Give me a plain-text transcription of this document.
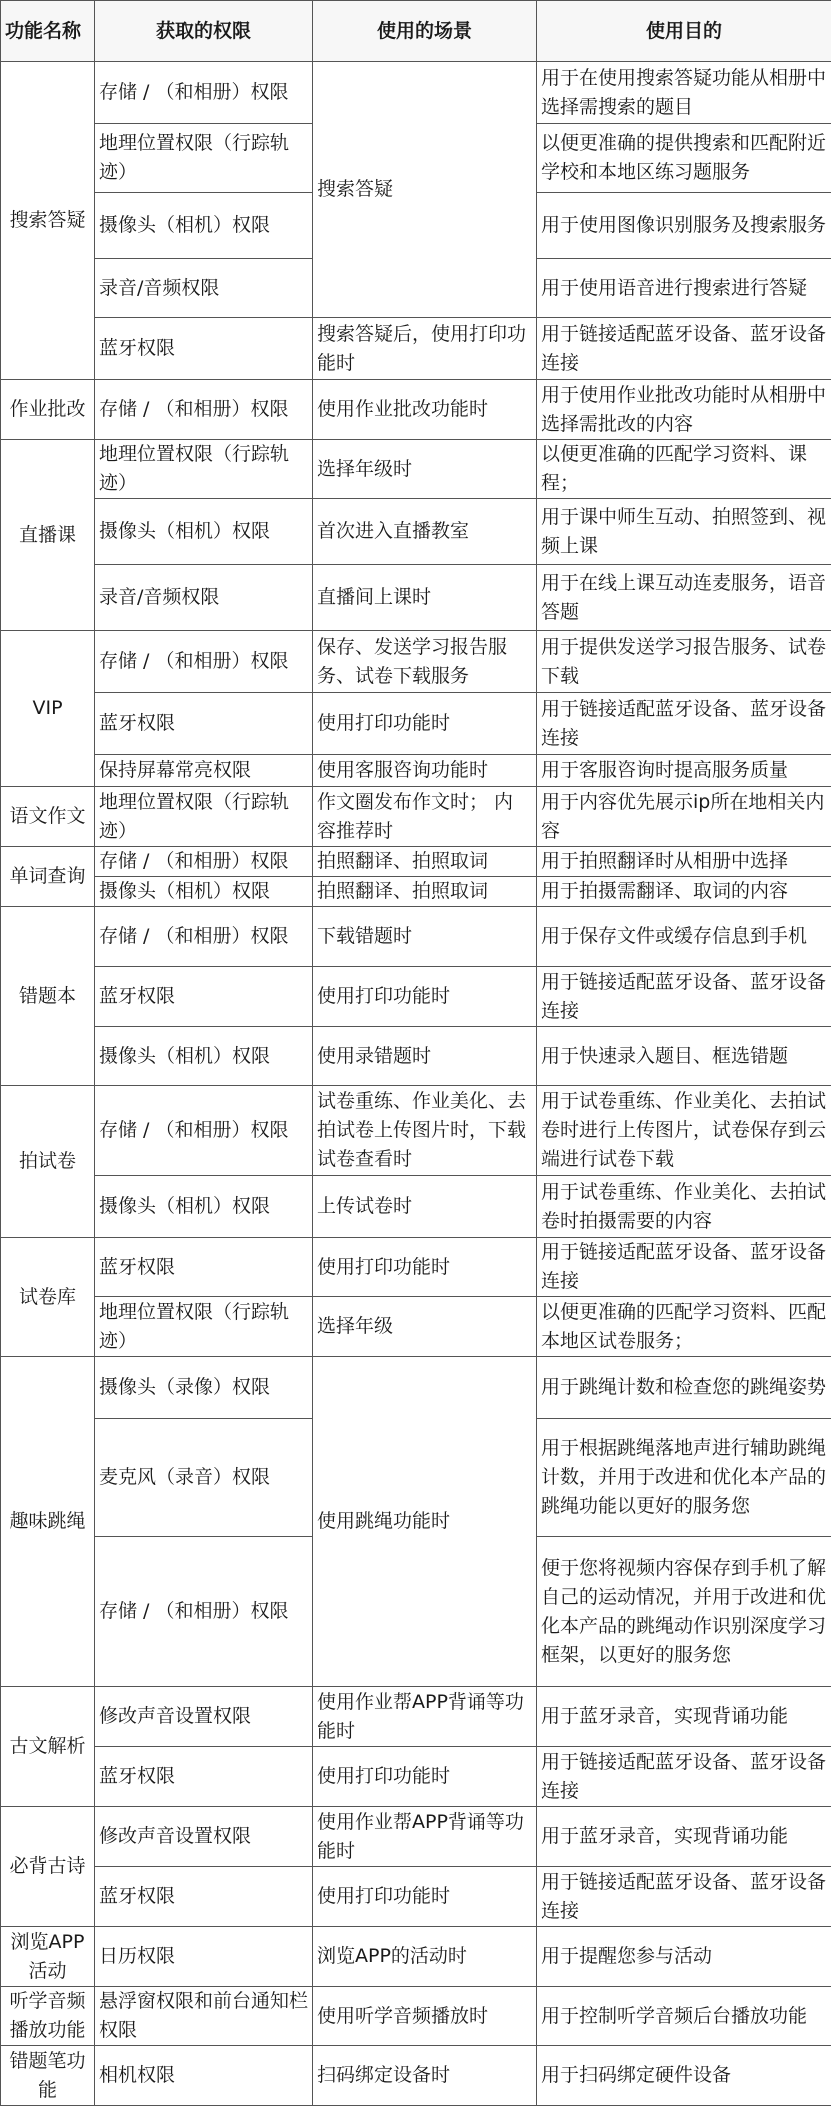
功能名称	获取的权限	使用的场景	使用目的
搜索答疑	存储 / （和相册）权限	搜索答疑	用于在使用搜索答疑功能从相册中选择需搜索的题目
	地理位置权限（行踪轨迹）		以便更准确的提供搜索和匹配附近学校和本地区练习题服务
	摄像头（相机）权限		用于使用图像识别服务及搜索服务
	录音/音频权限		用于使用语音进行搜索进行答疑
	蓝牙权限	搜索答疑后，使用打印功能时	用于链接适配蓝牙设备、蓝牙设备连接
作业批改	存储 / （和相册）权限	使用作业批改功能时	用于使用作业批改功能时从相册中选择需批改的内容
直播课	地理位置权限（行踪轨迹）	选择年级时	以便更准确的匹配学习资料、课程；
	摄像头（相机）权限	首次进入直播教室	用于课中师生互动、拍照签到、视频上课
	录音/音频权限	直播间上课时	用于在线上课互动连麦服务，语音答题
VIP	存储 / （和相册）权限	保存、发送学习报告服务、试卷下载服务	用于提供发送学习报告服务、试卷下载
	蓝牙权限	使用打印功能时	用于链接适配蓝牙设备、蓝牙设备连接
	保持屏幕常亮权限	使用客服咨询功能时	用于客服咨询时提高服务质量
语文作文	地理位置权限（行踪轨迹）	作文圈发布作文时； 内容推荐时	用于内容优先展示ip所在地相关内容
单词查询	存储 / （和相册）权限	拍照翻译、拍照取词	用于拍照翻译时从相册中选择
	摄像头（相机）权限	拍照翻译、拍照取词	用于拍摄需翻译、取词的内容
错题本	存储 / （和相册）权限	下载错题时	用于保存文件或缓存信息到手机
	蓝牙权限	使用打印功能时	用于链接适配蓝牙设备、蓝牙设备连接
	摄像头（相机）权限	使用录错题时	用于快速录入题目、框选错题
拍试卷	存储 / （和相册）权限	试卷重练、作业美化、去拍试卷上传图片时，下载试卷查看时	用于试卷重练、作业美化、去拍试卷时进行上传图片，试卷保存到云端进行试卷下载
	摄像头（相机）权限	上传试卷时	用于试卷重练、作业美化、去拍试卷时拍摄需要的内容
试卷库	蓝牙权限	使用打印功能时	用于链接适配蓝牙设备、蓝牙设备连接
	地理位置权限（行踪轨迹）	选择年级	以便更准确的匹配学习资料、匹配本地区试卷服务；
趣味跳绳	摄像头（录像）权限	使用跳绳功能时	用于跳绳计数和检查您的跳绳姿势
	麦克风（录音）权限		用于根据跳绳落地声进行辅助跳绳计数，并用于改进和优化本产品的跳绳功能以更好的服务您
	存储 / （和相册）权限		便于您将视频内容保存到手机了解自己的运动情况，并用于改进和优化本产品的跳绳动作识别深度学习框架，以更好的服务您
古文解析	修改声音设置权限	使用作业帮APP背诵等功能时	用于蓝牙录音，实现背诵功能
	蓝牙权限	使用打印功能时	用于链接适配蓝牙设备、蓝牙设备连接
必背古诗	修改声音设置权限	使用作业帮APP背诵等功能时	用于蓝牙录音，实现背诵功能
	蓝牙权限	使用打印功能时	用于链接适配蓝牙设备、蓝牙设备连接
浏览APP活动	日历权限	浏览APP的活动时	用于提醒您参与活动
听学音频播放功能	悬浮窗权限和前台通知栏权限	使用听学音频播放时	用于控制听学音频后台播放功能
错题笔功能	相机权限	扫码绑定设备时	用于扫码绑定硬件设备
